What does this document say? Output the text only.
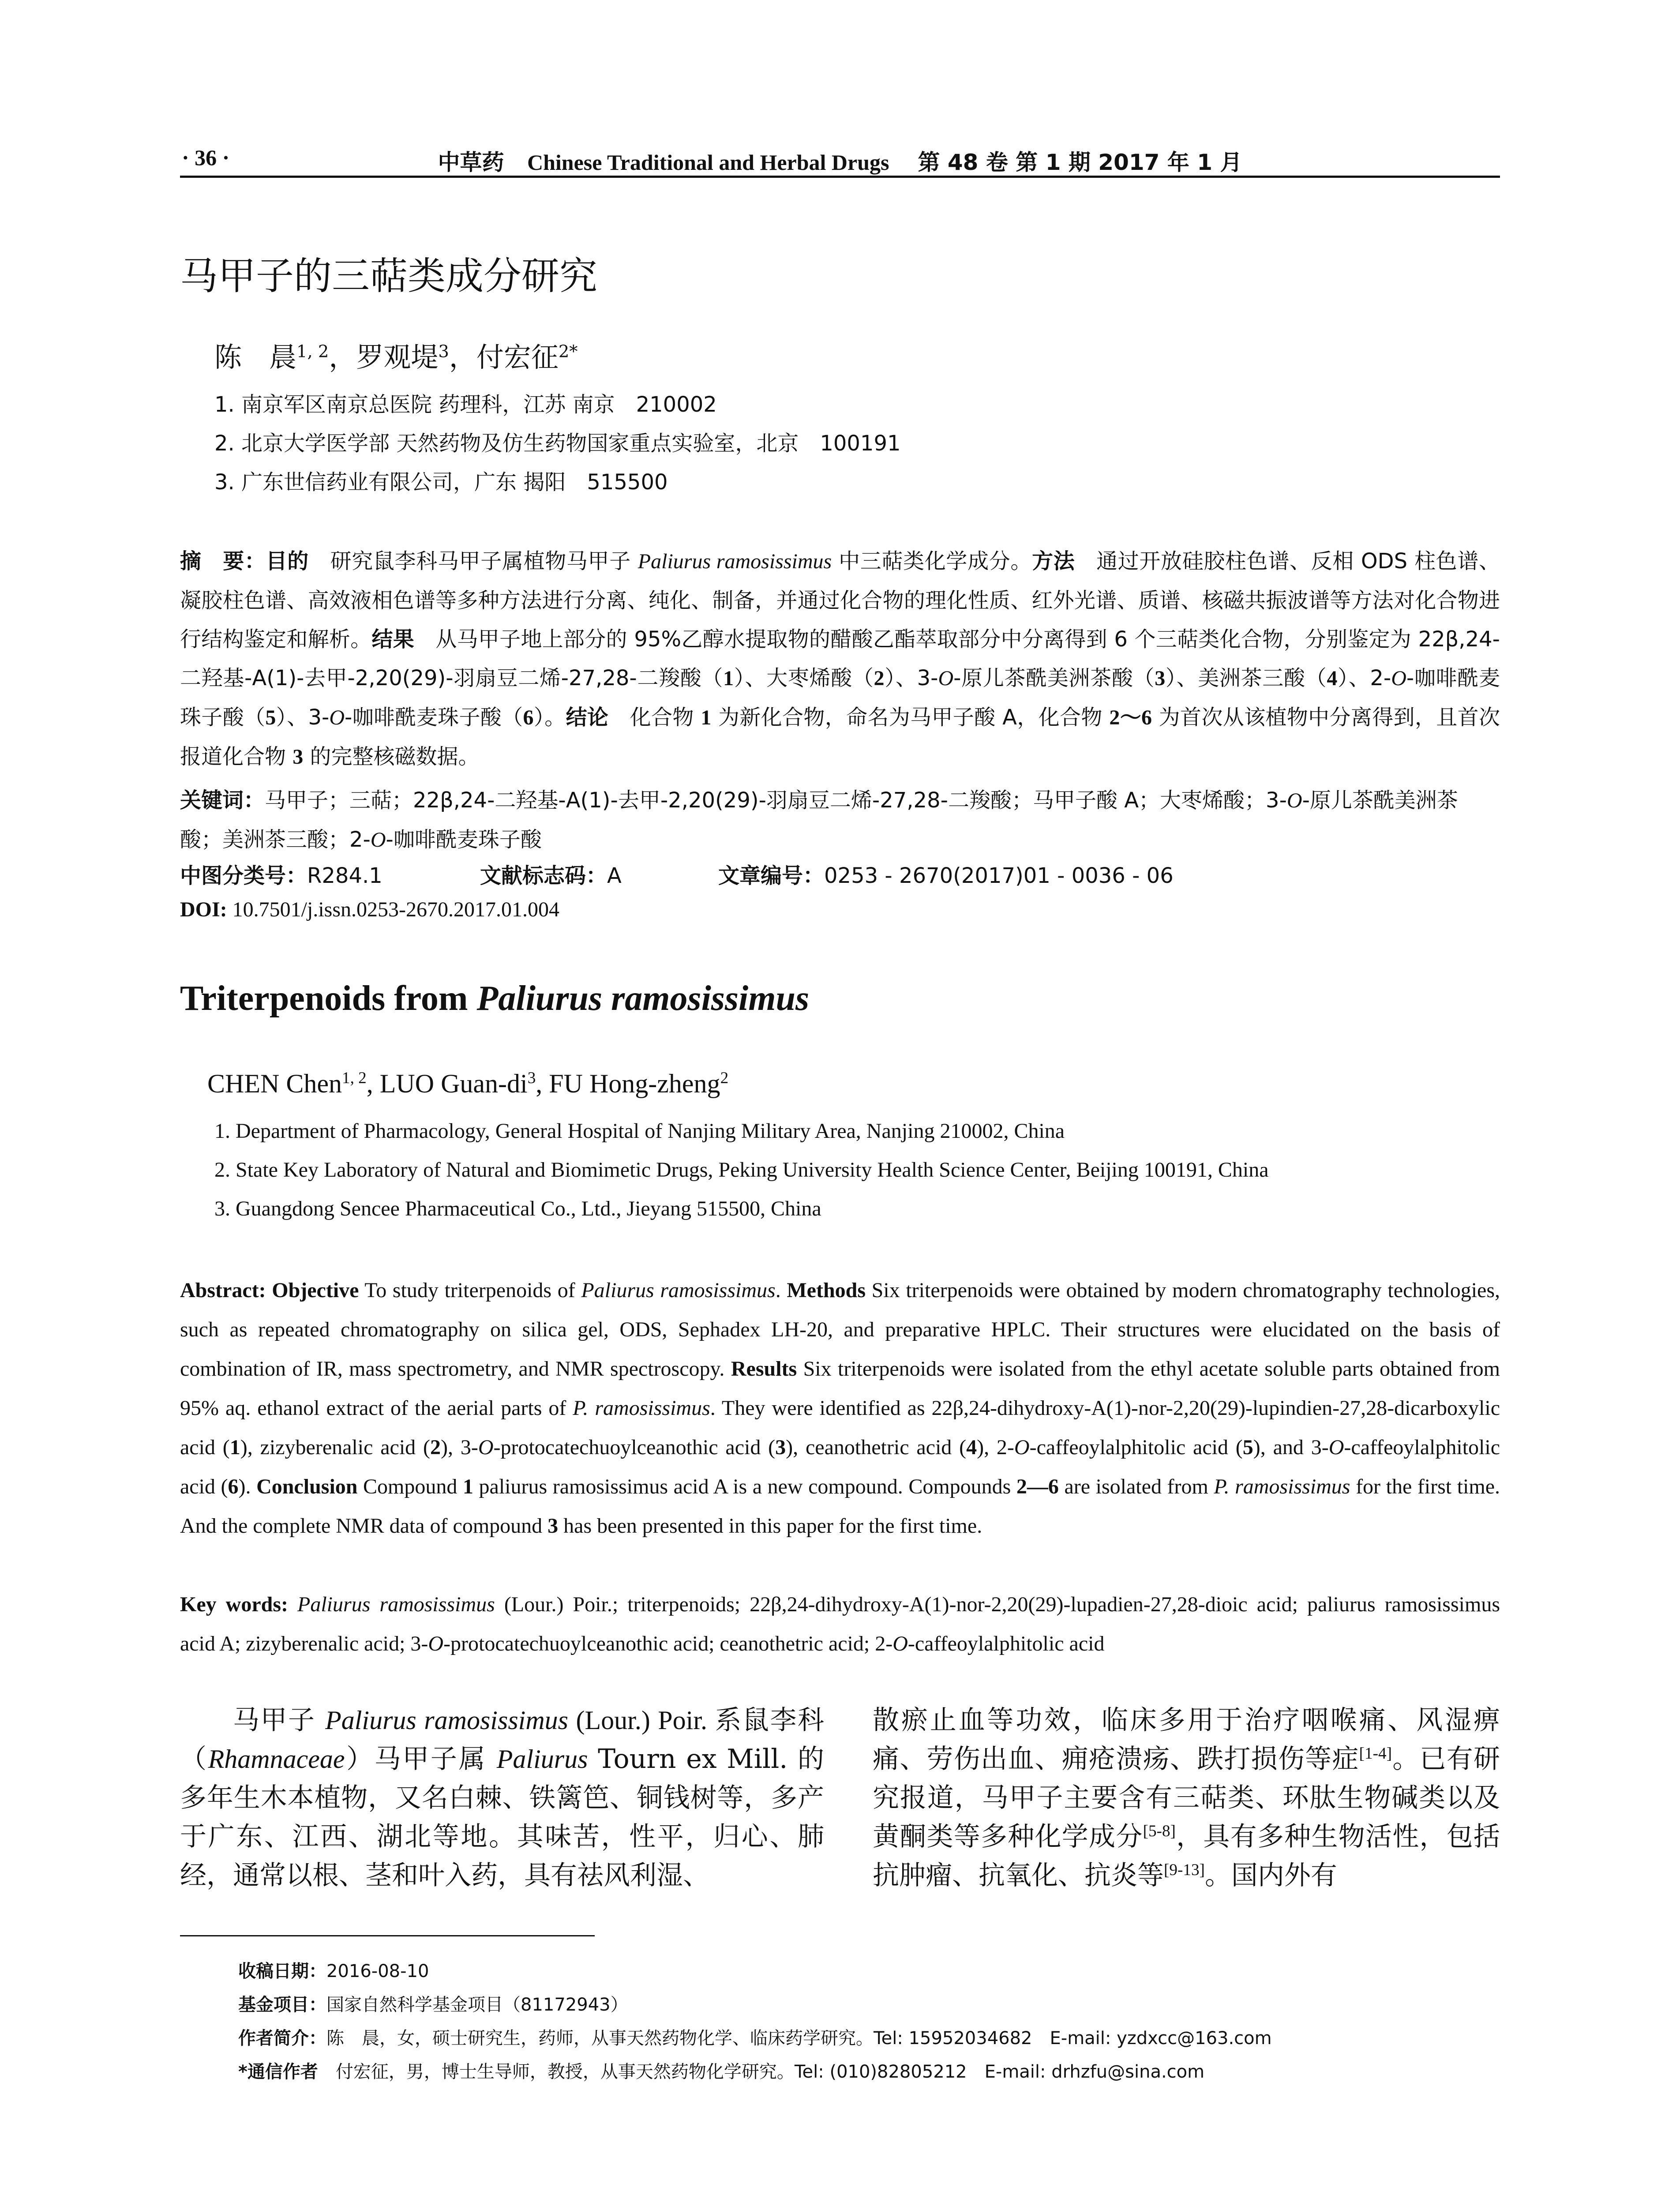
· 36 ·	中草药 Chinese Traditional and Herbal Drugs 第 48 卷 第 1 期 2017 年 1 月
马甲子的三萜类成分研究
陈　晨$^{1, 2}$，罗观堤$^3$，付宏征$^{2*}$
1. 南京军区南京总医院 药理科，江苏 南京　210002
2. 北京大学医学部 天然药物及仿生药物国家重点实验室，北京　100191
3. 广东世信药业有限公司，广东 揭阳　515500
摘　要：目的　 研究鼠李科马甲子属植物马甲子 Paliurus ramosissimus 中三萜类化学成分。方法　 通过开放硅胶柱色谱、反相 ODS 柱色谱、凝胶柱色谱、高效液相色谱等多种方法进行分离、纯化、制备，并通过化合物的理化性质、红外光谱、质谱、核磁共振波谱等方法对化合物进行结构鉴定和解析。结果　 从马甲子地上部分的 95%乙醇水提取物的醋酸乙酯萃取部分中分离得到 6 个三萜类化合物，分别鉴定为 22β,24-二羟基-A(1)-去甲-2,20(29)-羽扇豆二烯-27,28-二羧酸（1）、大枣烯酸（2）、3-O-原儿茶酰美洲茶酸（3）、美洲茶三酸（4）、2-O-咖啡酰麦珠子酸（5）、3-O-咖啡酰麦珠子酸（6）。结论　 化合物 1 为新化合物，命名为马甲子酸 A，化合物 2～6 为首次从该植物中分离得到，且首次报道化合物 3 的完整核磁数据。
关键词：马甲子；三萜；22β,24-二羟基-A(1)-去甲-2,20(29)-羽扇豆二烯-27,28-二羧酸；马甲子酸 A；大枣烯酸；3-O-原儿茶酰美洲茶酸；美洲茶三酸；2-O-咖啡酰麦珠子酸
中图分类号：R284.1	文献标志码：A	文章编号：0253 - 2670(2017)01 - 0036 - 06
DOI: 10.7501/j.issn.0253-2670.2017.01.004
Triterpenoids from Paliurus ramosissimus
CHEN Chen$^{1, 2}$, LUO Guan-$di^3$, FU Hong-zheng$^2$
1. Department of Pharmacology, General Hospital of Nanjing Military Area, Nanjing 210002, China
2. State Key Laboratory of Natural and Biomimetic Drugs, Peking University Health Science Center, Beijing 100191, China
3. Guangdong Sencee Pharmaceutical Co., Ltd., Jieyang 515500, China
Abstract: Objective To study triterpenoids of Paliurus ramosissimus. Methods Six triterpenoids were obtained by modern chromatography technologies, such as repeated chromatography on silica gel, ODS, Sephadex LH-20, and preparative HPLC. Their structures were elucidated on the basis of combination of IR, mass spectrometry, and NMR spectroscopy. Results Six triterpenoids were isolated from the ethyl acetate soluble parts obtained from 95% aq. ethanol extract of the aerial parts of P. ramosissimus. They were identified as 22β,24-dihydroxy-A(1)-nor-2,20(29)-lupindien-27,28-dicarboxylic acid (1), zizyberenalic acid (2), 3-O-protocatechuoylceanothic acid (3), ceanothetric acid (4), 2-O-caffeoylalphitolic acid (5), and 3-O-caffeoylalphitolic acid (6). Conclusion Compound 1 paliurus ramosissimus acid A is a new compound. Compounds 2—6 are isolated from P. ramosissimus for the first time. And the complete NMR data of compound 3 has been presented in this paper for the first time.
Key words: Paliurus ramosissimus (Lour.) Poir.; triterpenoids; 22β,24-dihydroxy-A(1)-nor-2,20(29)-lupadien-27,28-dioic acid; paliurus ramosissimus acid A; zizyberenalic acid; 3-O-protocatechuoylceanothic acid; ceanothetric acid; 2-O-caffeoylalphitolic acid
马甲子 Paliurus ramosissimus (Lour.) Poir. 系鼠李科（Rhamnaceae）马甲子属 Paliurus Tourn ex Mill. 的多年生木本植物，又名白棘、铁篱笆、铜钱树等，多产于广东、江西、湖北等地。其味苦，性平，归心、肺经，通常以根、茎和叶入药，具有祛风利湿、
散瘀止血等功效，临床多用于治疗咽喉痛、风湿痹痛、劳伤出血、痈疮溃疡、跌打损伤等症[1-4]。已有研究报道，马甲子主要含有三萜类、环肽生物碱类以及黄酮类等多种化学成分[5-8]，具有多种生物活性，包括抗肿瘤、抗氧化、抗炎等[9-13]。国内外有
收稿日期：2016-08-10
基金项目：国家自然科学基金项目（81172943）
作者简介：陈　晨，女，硕士研究生，药师，从事天然药物化学、临床药学研究。Tel: 15952034682　E-mail: yzdxcc@163.com
*通信作者　付宏征，男，博士生导师，教授，从事天然药物化学研究。Tel: (010)82805212　E-mail: drhzfu@sina.com
